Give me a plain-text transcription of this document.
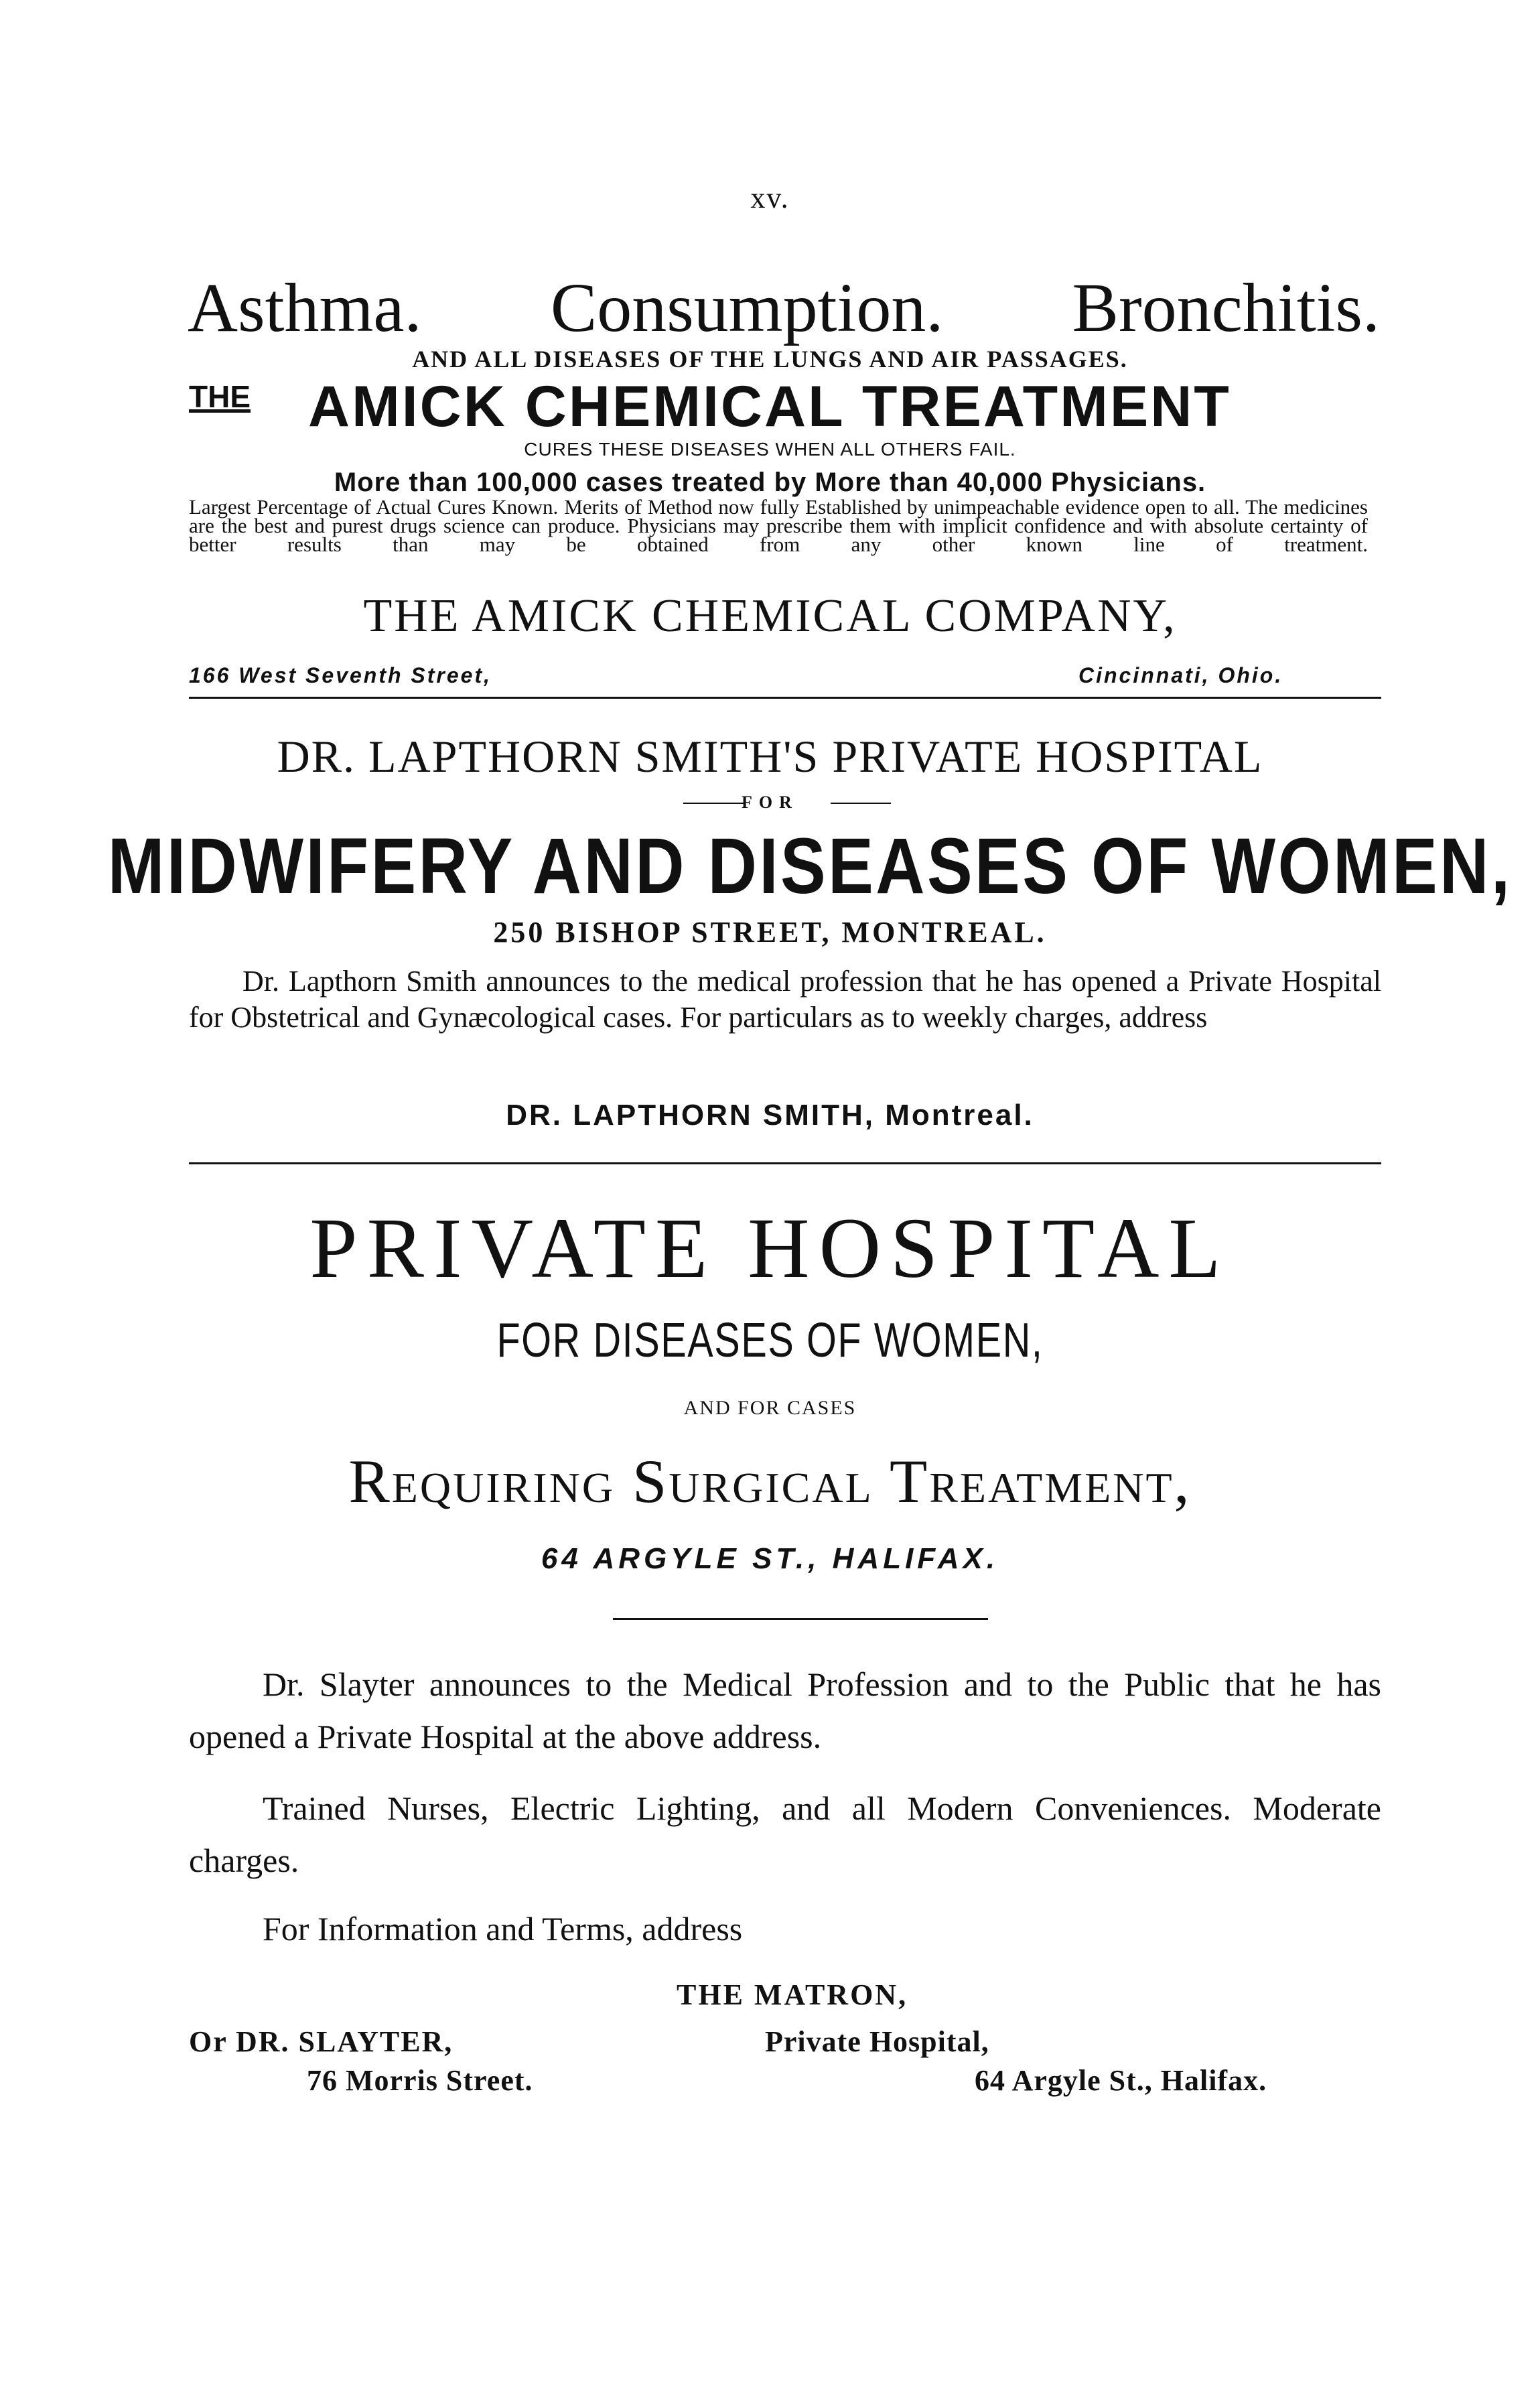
xv.
Asthma. Consumption. Bronchitis.
AND ALL DISEASES OF THE LUNGS AND AIR PASSAGES.
THE AMICK CHEMICAL TREATMENT
CURES THESE DISEASES WHEN ALL OTHERS FAIL.
More than 100,000 cases treated by More than 40,000 Physicians.
Largest Percentage of Actual Cures Known. Merits of Method now fully Established by unimpeachable evidence open to all. The medicines are the best and purest drugs science can produce. Physicians may prescribe them with implicit confidence and with absolute certainty of better results than may be obtained from any other known line of treatment.
THE AMICK CHEMICAL COMPANY,
166 West Seventh Street,	Cincinnati, Ohio.
DR. LAPTHORN SMITH'S PRIVATE HOSPITAL
FOR
MIDWIFERY AND DISEASES OF WOMEN,
250 BISHOP STREET, MONTREAL.
Dr. Lapthorn Smith announces to the medical profession that he has opened a Private Hospital for Obstetrical and Gynæcological cases. For particulars as to weekly charges, address
DR. LAPTHORN SMITH, Montreal.
PRIVATE HOSPITAL
FOR DISEASES OF WOMEN,
AND FOR CASES
Requiring Surgical Treatment,
64 ARGYLE ST., HALIFAX.
Dr. Slayter announces to the Medical Profession and to the Public that he has opened a Private Hospital at the above address.
Trained Nurses, Electric Lighting, and all Modern Conveniences. Moderate charges.
For Information and Terms, address
THE MATRON,
Or DR. SLAYTER,	Private Hospital,
76 Morris Street.	64 Argyle St., Halifax.
